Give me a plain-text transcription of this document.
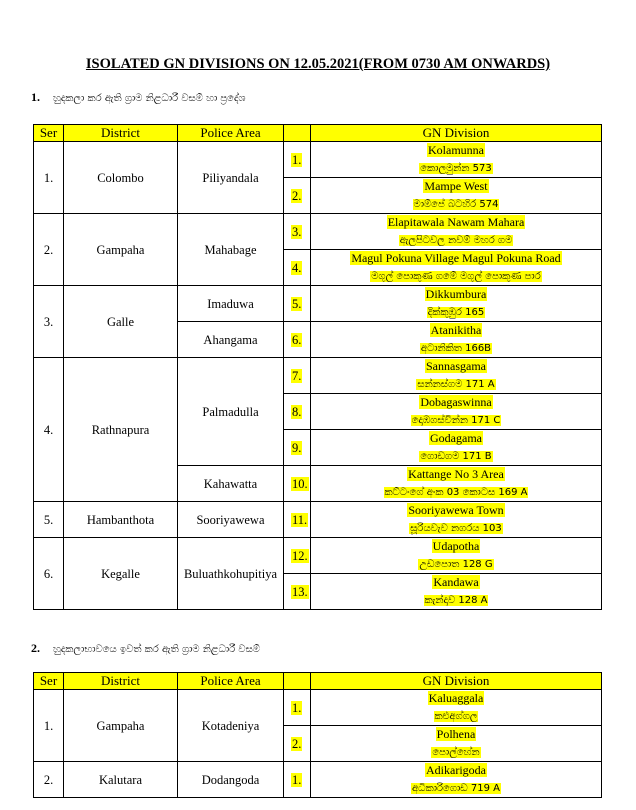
ISOLATED GN DIVISIONS ON 12.05.2021(FROM 0730 AM ONWARDS)
1. හුදකලා කර ඇති ග්‍රාම නිළධාරී වසම් හා ප්‍රදේශ
Ser	District	Police Area		GN Division
1.	Colombo	Piliyandala	1.	Kolamunna
කොලමුන්න 573
			2.	Mampe West
මාම්පේ බටහිර 574
2.	Gampaha	Mahabage	3.	Elapitawala Nawam Mahara
ඇලපිටවල නවම් මහර ගම
			4.	Magul Pokuna Village Magul Pokuna Road
මගුල් පොකුණ ගමේ මගුල් පොකුණ පාර
3.	Galle	Imaduwa	5.	Dikkumbura
දික්කුඹුර 165
		Ahangama	6.	Atanikitha
අටානිකිත 166B
4.	Rathnapura	Palmadulla	7.	Sannasgama
සන්නස්ගම 171 A
			8.	Dobagaswinna
දොඹගස්වින්න 171 C
			9.	Godagama
ගොඩගම 171 B
		Kahawatta	10.	Kattange No 3 Area
කට්ටංගේ අංක 03 කොටස 169 A
5.	Hambanthota	Sooriyawewa	11.	Sooriyawewa Town
සූරියවැව නගරය 103
6.	Kegalle	Buluathkohupitiya	12.	Udapotha
උඩපොත 128 G
			13.	Kandawa
කැන්දාව 128 A
2. හුදකලාභාවයෙ ඉවත් කර ඇති ග්‍රාම නිළධාරී වසම්
Ser	District	Police Area		GN Division
1.	Gampaha	Kotadeniya	1.	Kaluaggala
කළුඅග්ගල
			2.	Polhena
පොල්හේන
2.	Kalutara	Dodangoda	1.	Adikarigoda
අධිකාරිගොඩ 719 A
